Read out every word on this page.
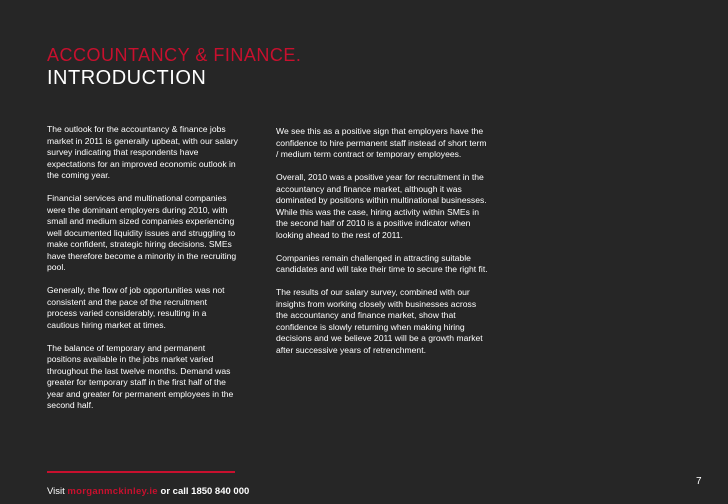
ACCOUNTANCY & FINANCE.
INTRODUCTION

The outlook for the accountancy & finance jobs market in 2011 is generally upbeat, with our salary survey indicating that respondents have expectations for an improved economic outlook in the coming year.

Financial services and multinational companies were the dominant employers during 2010, with small and medium sized companies experiencing well documented liquidity issues and struggling to make confident, strategic hiring decisions. SMEs have therefore become a minority in the recruiting pool.

Generally, the flow of job opportunities was not consistent and the pace of the recruitment process varied considerably, resulting in a cautious hiring market at times.

The balance of temporary and permanent positions available in the jobs market varied throughout the last twelve months. Demand was greater for temporary staff in the first half of the year and greater for permanent employees in the second half.

We see this as a positive sign that employers have the confidence to hire permanent staff instead of short term / medium term contract or temporary employees.

Overall, 2010 was a positive year for recruitment in the accountancy and finance market, although it was dominated by positions within multinational businesses. While this was the case, hiring activity within SMEs in the second half of 2010 is a positive indicator when looking ahead to the rest of 2011.

Companies remain challenged in attracting suitable candidates and will take their time to secure the right fit.

The results of our salary survey, combined with our insights from working closely with businesses across the accountancy and finance market, show that confidence is slowly returning when making hiring decisions and we believe 2011 will be a growth market after successive years of retrenchment.

Visit morganmckinley.ie or call 1850 840 000
7
